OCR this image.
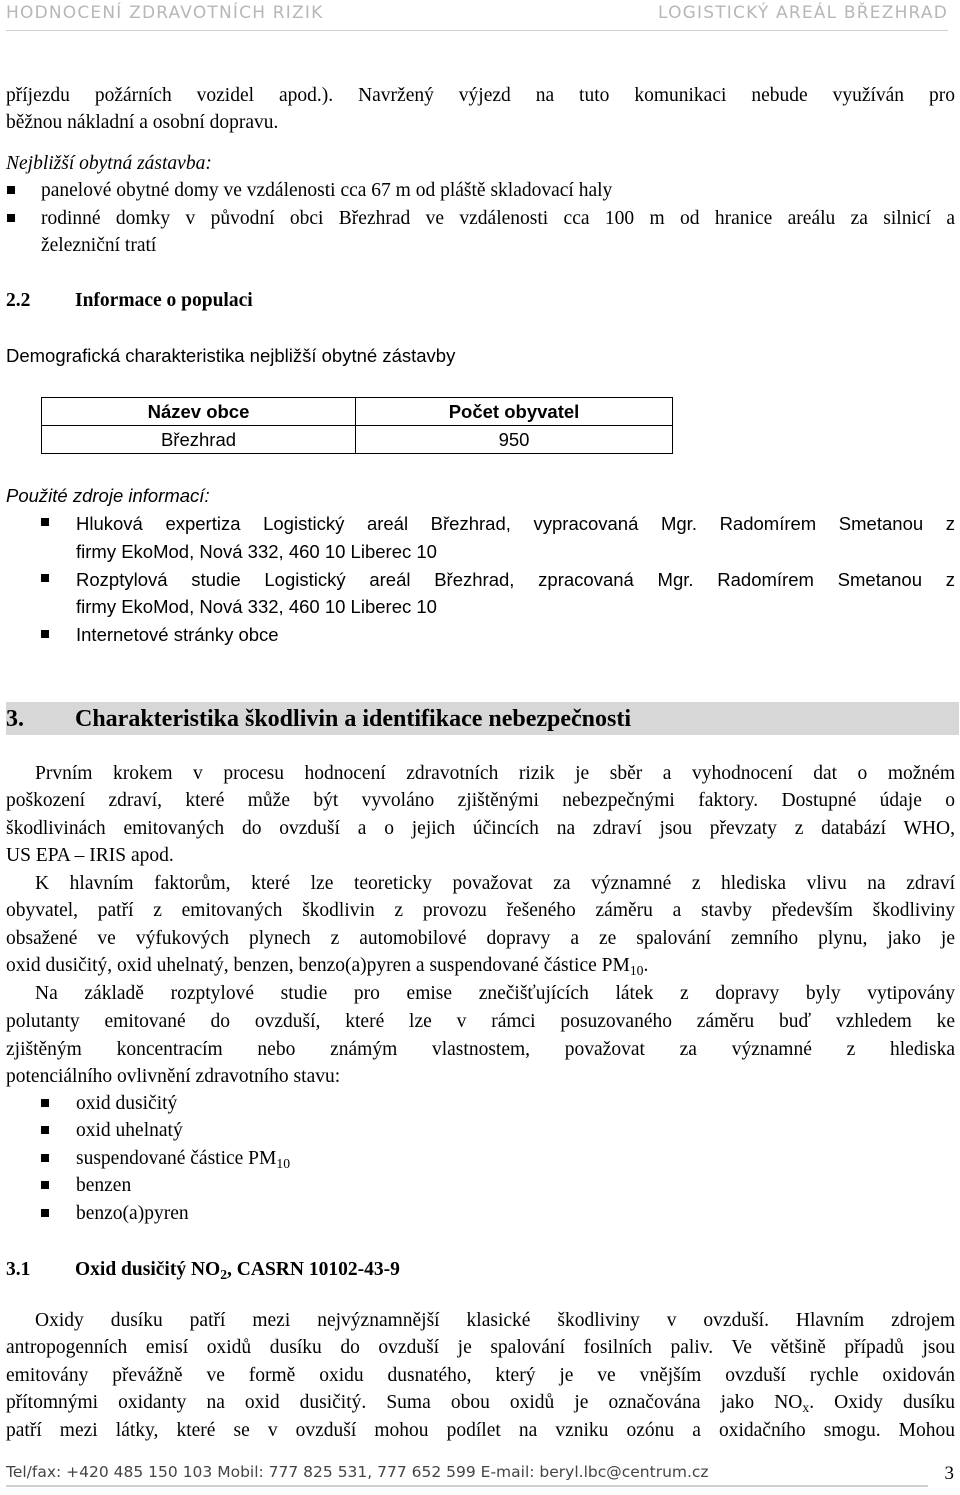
HODNOCENÍ ZDRAVOTNÍCH RIZIK	LOGISTICKÝ AREÁL BŘEZHRAD
příjezdu požárních vozidel apod.). Navržený výjezd na tuto komunikaci nebude využíván pro
běžnou nákladní a osobní dopravu.
Nejbližší obytná zástavba:
panelové obytné domy ve vzdálenosti cca 67 m od pláště skladovací haly
rodinné domky v původní obci Březhrad ve vzdálenosti cca 100 m od hranice areálu za silnicí a
železniční tratí
2.2 Informace o populaci
Demografická charakteristika nejbližší obytné zástavby
Název obce	Počet obyvatel
Březhrad	950
Použité zdroje informací:
Hluková expertiza Logistický areál Březhrad, vypracovaná Mgr. Radomírem Smetanou z
firmy EkoMod, Nová 332, 460 10 Liberec 10
Rozptylová studie Logistický areál Březhrad, zpracovaná Mgr. Radomírem Smetanou z
firmy EkoMod, Nová 332, 460 10 Liberec 10
Internetové stránky obce
3. Charakteristika škodlivin a identifikace nebezpečnosti
Prvním krokem v procesu hodnocení zdravotních rizik je sběr a vyhodnocení dat o možném
poškození zdraví, které může být vyvoláno zjištěnými nebezpečnými faktory. Dostupné údaje o
škodlivinách emitovaných do ovzduší a o jejich účincích na zdraví jsou převzaty z databází WHO,
US EPA – IRIS apod.
K hlavním faktorům, které lze teoreticky považovat za významné z hlediska vlivu na zdraví
obyvatel, patří z emitovaných škodlivin z provozu řešeného záměru a stavby především škodliviny
obsažené ve výfukových plynech z automobilové dopravy a ze spalování zemního plynu, jako je
oxid dusičitý, oxid uhelnatý, benzen, benzo(a)pyren a suspendované částice $PM_{10}$.
Na základě rozptylové studie pro emise znečišťujících látek z dopravy byly vytipovány
polutanty emitované do ovzduší, které lze v rámci posuzovaného záměru buď vzhledem ke
zjištěným koncentracím nebo známým vlastnostem, považovat za významné z hlediska
potenciálního ovlivnění zdravotního stavu:
oxid dusičitý
oxid uhelnatý
suspendované částice $PM_{10}$
benzen
benzo(a)pyren
3.1 Oxid dusičitý $NO_2$, CASRN 10102-43-9
Oxidy dusíku patří mezi nejvýznamnější klasické škodliviny v ovzduší. Hlavním zdrojem
antropogenních emisí oxidů dusíku do ovzduší je spalování fosilních paliv. Ve většině případů jsou
emitovány převážně ve formě oxidu dusnatého, který je ve vnějším ovzduší rychle oxidován
přítomnými oxidanty na oxid dusičitý. Suma obou oxidů je označována jako $NO_x$. Oxidy dusíku
patří mezi látky, které se v ovzduší mohou podílet na vzniku ozónu a oxidačního smogu. Mohou
Tel/fax: +420 485 150 103 Mobil: 777 825 531, 777 652 599 E-mail: beryl.lbc@centrum.cz	3
